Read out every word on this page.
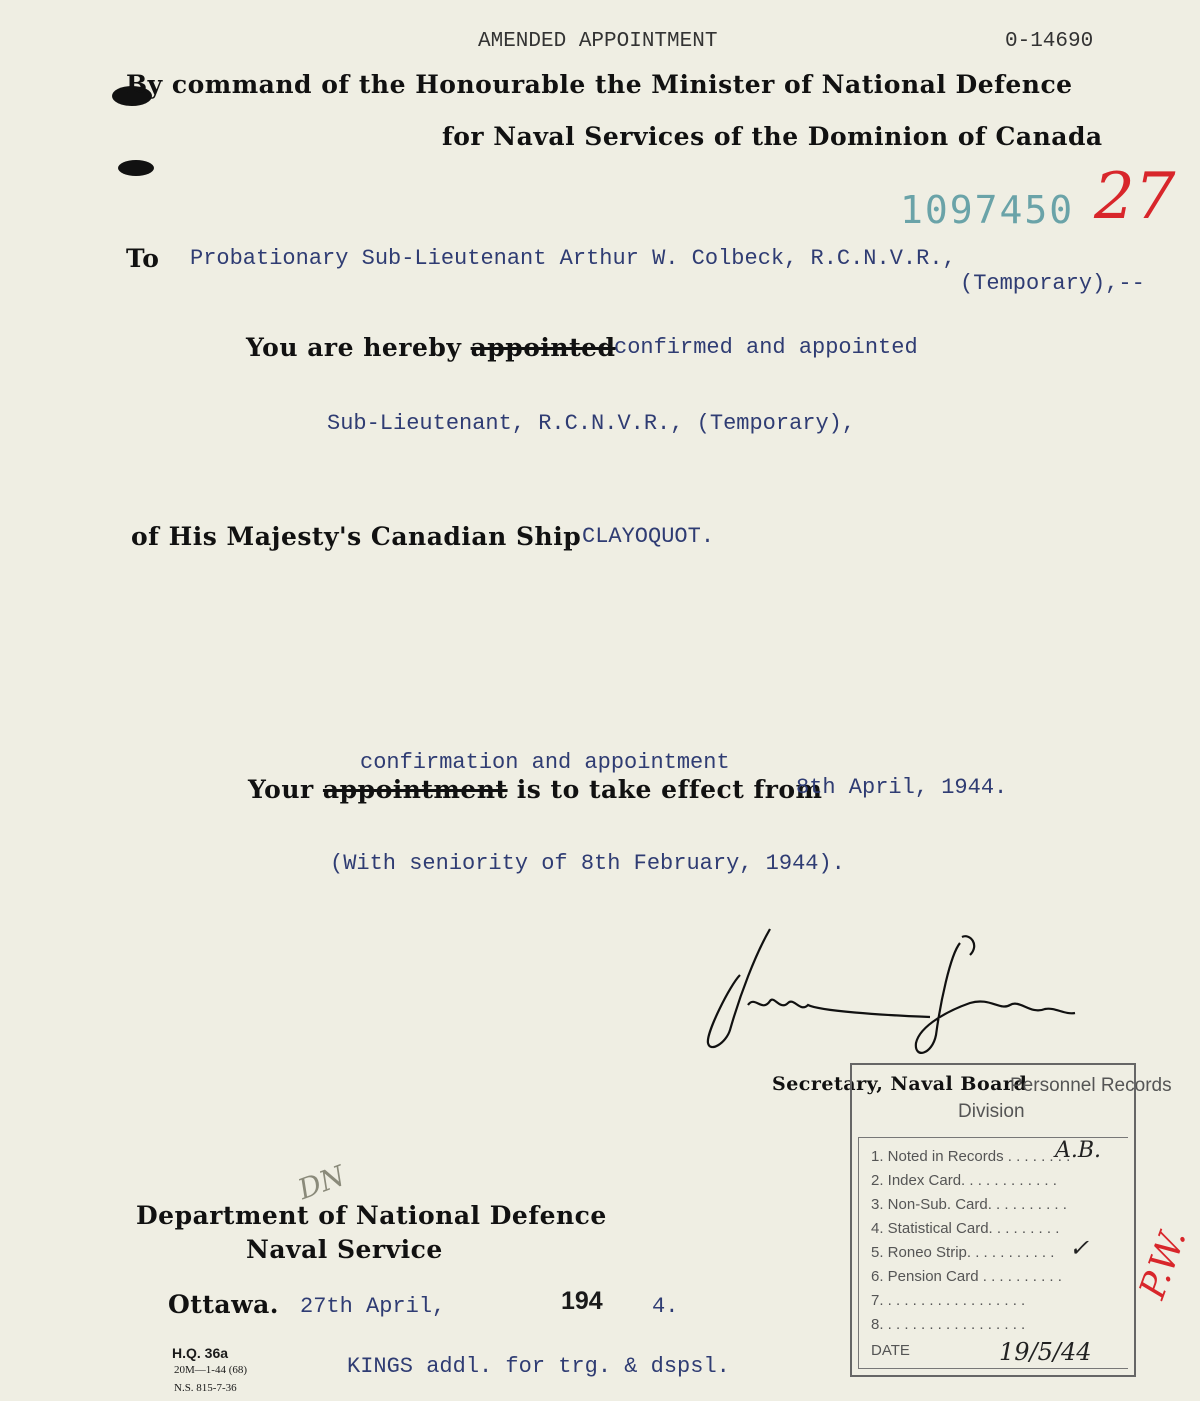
AMENDED APPOINTMENT	0-14690
By command of the Honourable the Minister of National Defence
for Naval Services of the Dominion of Canada
1097450 27
To Probationary Sub-Lieutenant Arthur W. Colbeck, R.C.N.V.R.,
(Temporary),--
You are hereby appointed
confirmed and appointed
Sub-Lieutenant, R.C.N.V.R., (Temporary),
of His Majesty's Canadian Ship CLAYOQUOT.
confirmation and appointment
Your appointment is to take effect from
8th April, 1944.
(With seniority of 8th February, 1944).
Secretary, Naval Board
Personnel Records
Division
1. Noted in Records . . . . . . . .
2. Index Card. . . . . . . . . . . .
3. Non-Sub. Card. . . . . . . . . .
4. Statistical Card. . . . . . . . .
5. Roneo Strip. . . . . . . . . . .
6. Pension Card . . . . . . . . . .
7. . . . . . . . . . . . . . . . . .
8. . . . . . . . . . . . . . . . . .
DATE
A.B.
✓
19/5/44
P.W.
DN
Department of National Defence
Naval Service
Ottawa. 27th April,	194 4.
H.Q. 36a
20M—1-44 (68)
N.S. 815-7-36
KINGS addl. for trg. & dspsl.
